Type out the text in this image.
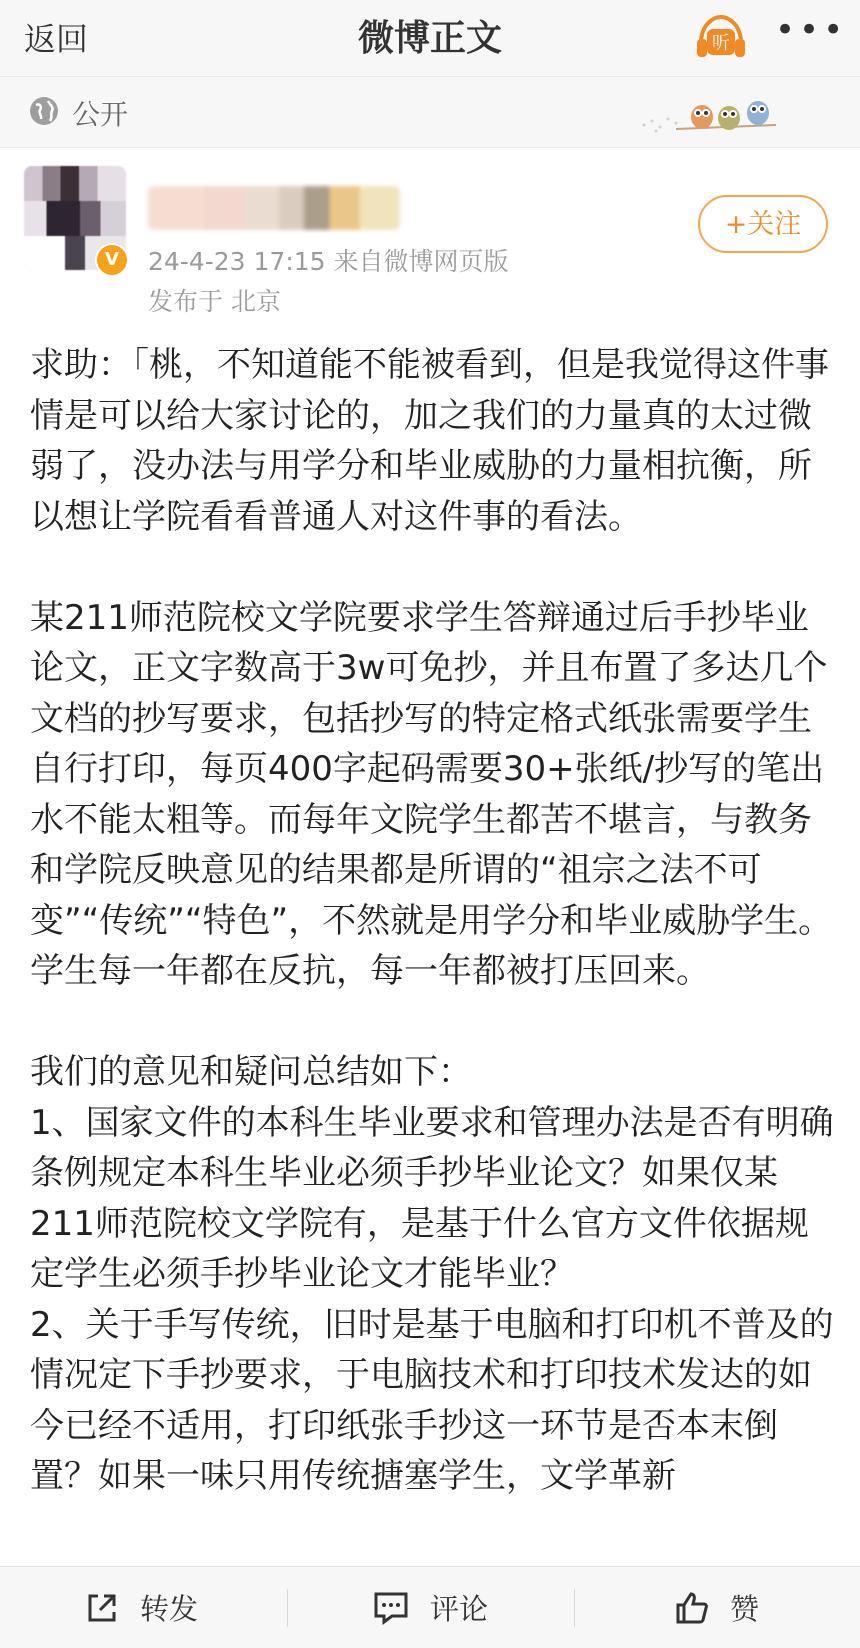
返回	微博正文	听 •••
公开
V	24-4-23 17:15 来自微博网页版
发布于 北京
+关注

求助：「桃，不知道能不能被看到，但是我觉得这件事情是可以给大家讨论的，加之我们的力量真的太过微弱了，没办法与用学分和毕业威胁的力量相抗衡，所以想让学院看看普通人对这件事的看法。

某211师范院校文学院要求学生答辩通过后手抄毕业论文，正文字数高于3w可免抄，并且布置了多达几个文档的抄写要求，包括抄写的特定格式纸张需要学生自行打印，每页400字起码需要30+张纸/抄写的笔出水不能太粗等。而每年文院学生都苦不堪言，与教务和学院反映意见的结果都是所谓的“祖宗之法不可变”“传统”“特色”，不然就是用学分和毕业威胁学生。学生每一年都在反抗，每一年都被打压回来。

我们的意见和疑问总结如下：

1、国家文件的本科生毕业要求和管理办法是否有明确条例规定本科生毕业必须手抄毕业论文？如果仅某211师范院校文学院有，是基于什么官方文件依据规定学生必须手抄毕业论文才能毕业？

2、关于手写传统，旧时是基于电脑和打印机不普及的情况定下手抄要求，于电脑技术和打印技术发达的如今已经不适用，打印纸张手抄这一环节是否本末倒置？如果一味只用传统搪塞学生，文学革新

转发	评论	赞
